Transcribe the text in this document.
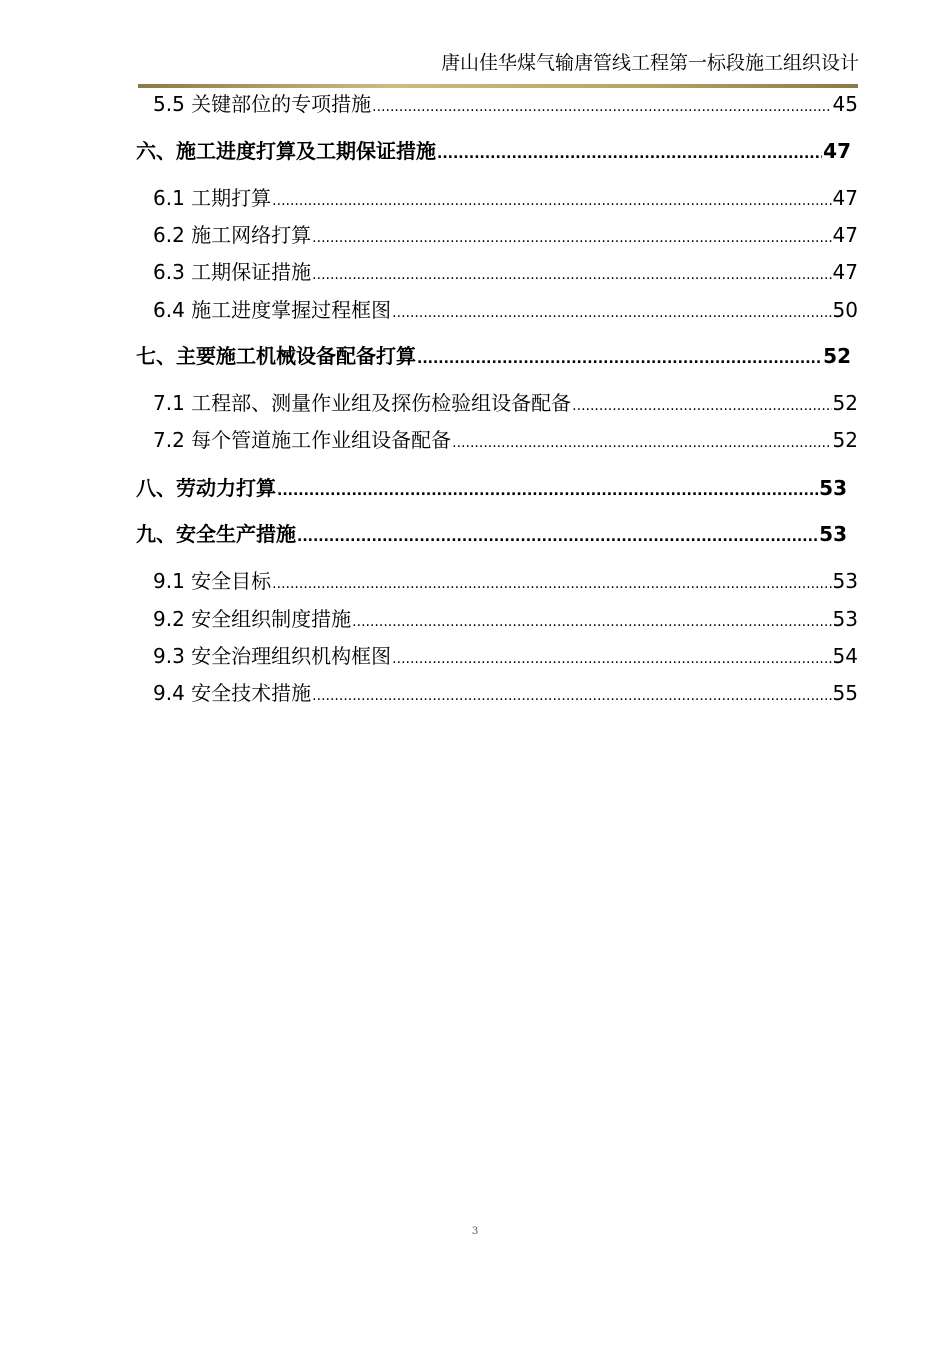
唐山佳华煤气输唐管线工程第一标段施工组织设计
5.5 关键部位的专项措施 .....	45
六、施工进度打算及工期保证措施 .....	47
6.1 工期打算 .....	47
6.2 施工网络打算 .....	47
6.3 工期保证措施 .....	47
6.4 施工进度掌握过程框图 .....	50
七、主要施工机械设备配备打算 .....	52
7.1 工程部、测量作业组及探伤检验组设备配备 .....	52
7.2 每个管道施工作业组设备配备 .....	52
八、劳动力打算 .....	53
九、安全生产措施 .....	53
9.1 安全目标 .....	53
9.2 安全组织制度措施 .....	53
9.3 安全治理组织机构框图 .....	54
9.4 安全技术措施 .....	55
3
